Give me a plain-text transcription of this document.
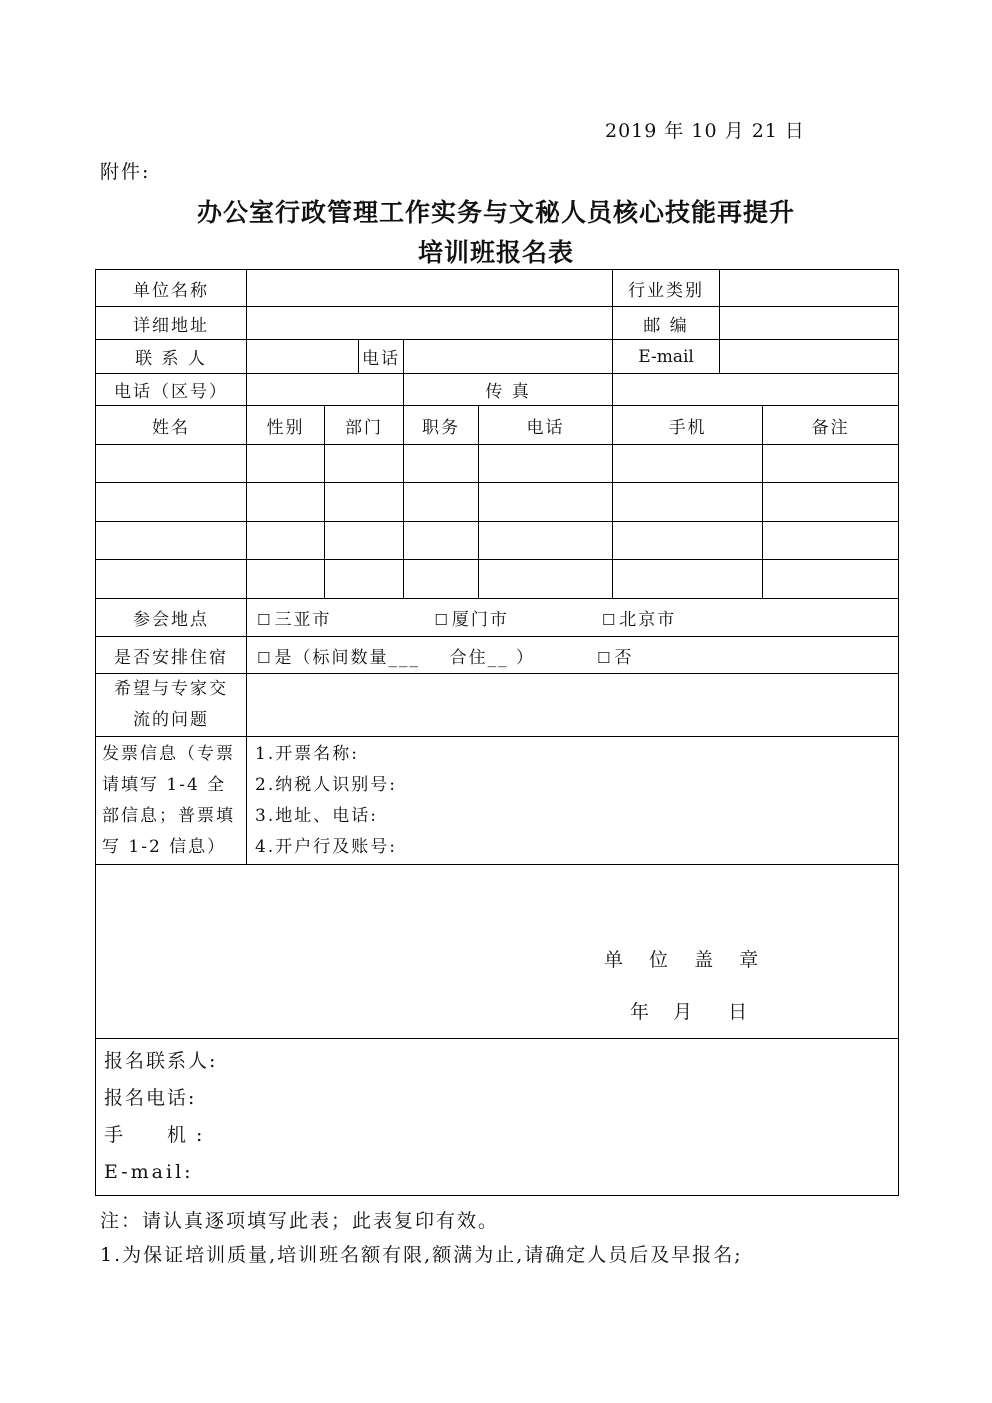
2019 年 10 月 21 日
附件:
办公室行政管理工作实务与文秘人员核心技能再提升
培训班报名表
单位名称						行业类别		
详细地址						邮 编		
联 系 人			电话			E-mail		
电话（区号）				传 真				
姓名	性别	部门		职务	电话	手机		备注

参会地点	☐ 三亚市 ☐ 厦门市 ☐ 北京市							
是否安排住宿	☐ 是（标间数量___    合住__ ） ☐ 否							
希望与专家交流的问题								
发票信息（专票请填写 1-4 全部信息；普票填写 1-2 信息）	1.开票名称:
2.纳税人识别号:
3.地址、电话:
4.开户行及账号:							

单 位 盖 章
年 月 日								

报名联系人:
报名电话:
手　　机 :
E-mail:								
注：请认真逐项填写此表；此表复印有效。
1.为保证培训质量,培训班名额有限,额满为止,请确定人员后及早报名;
